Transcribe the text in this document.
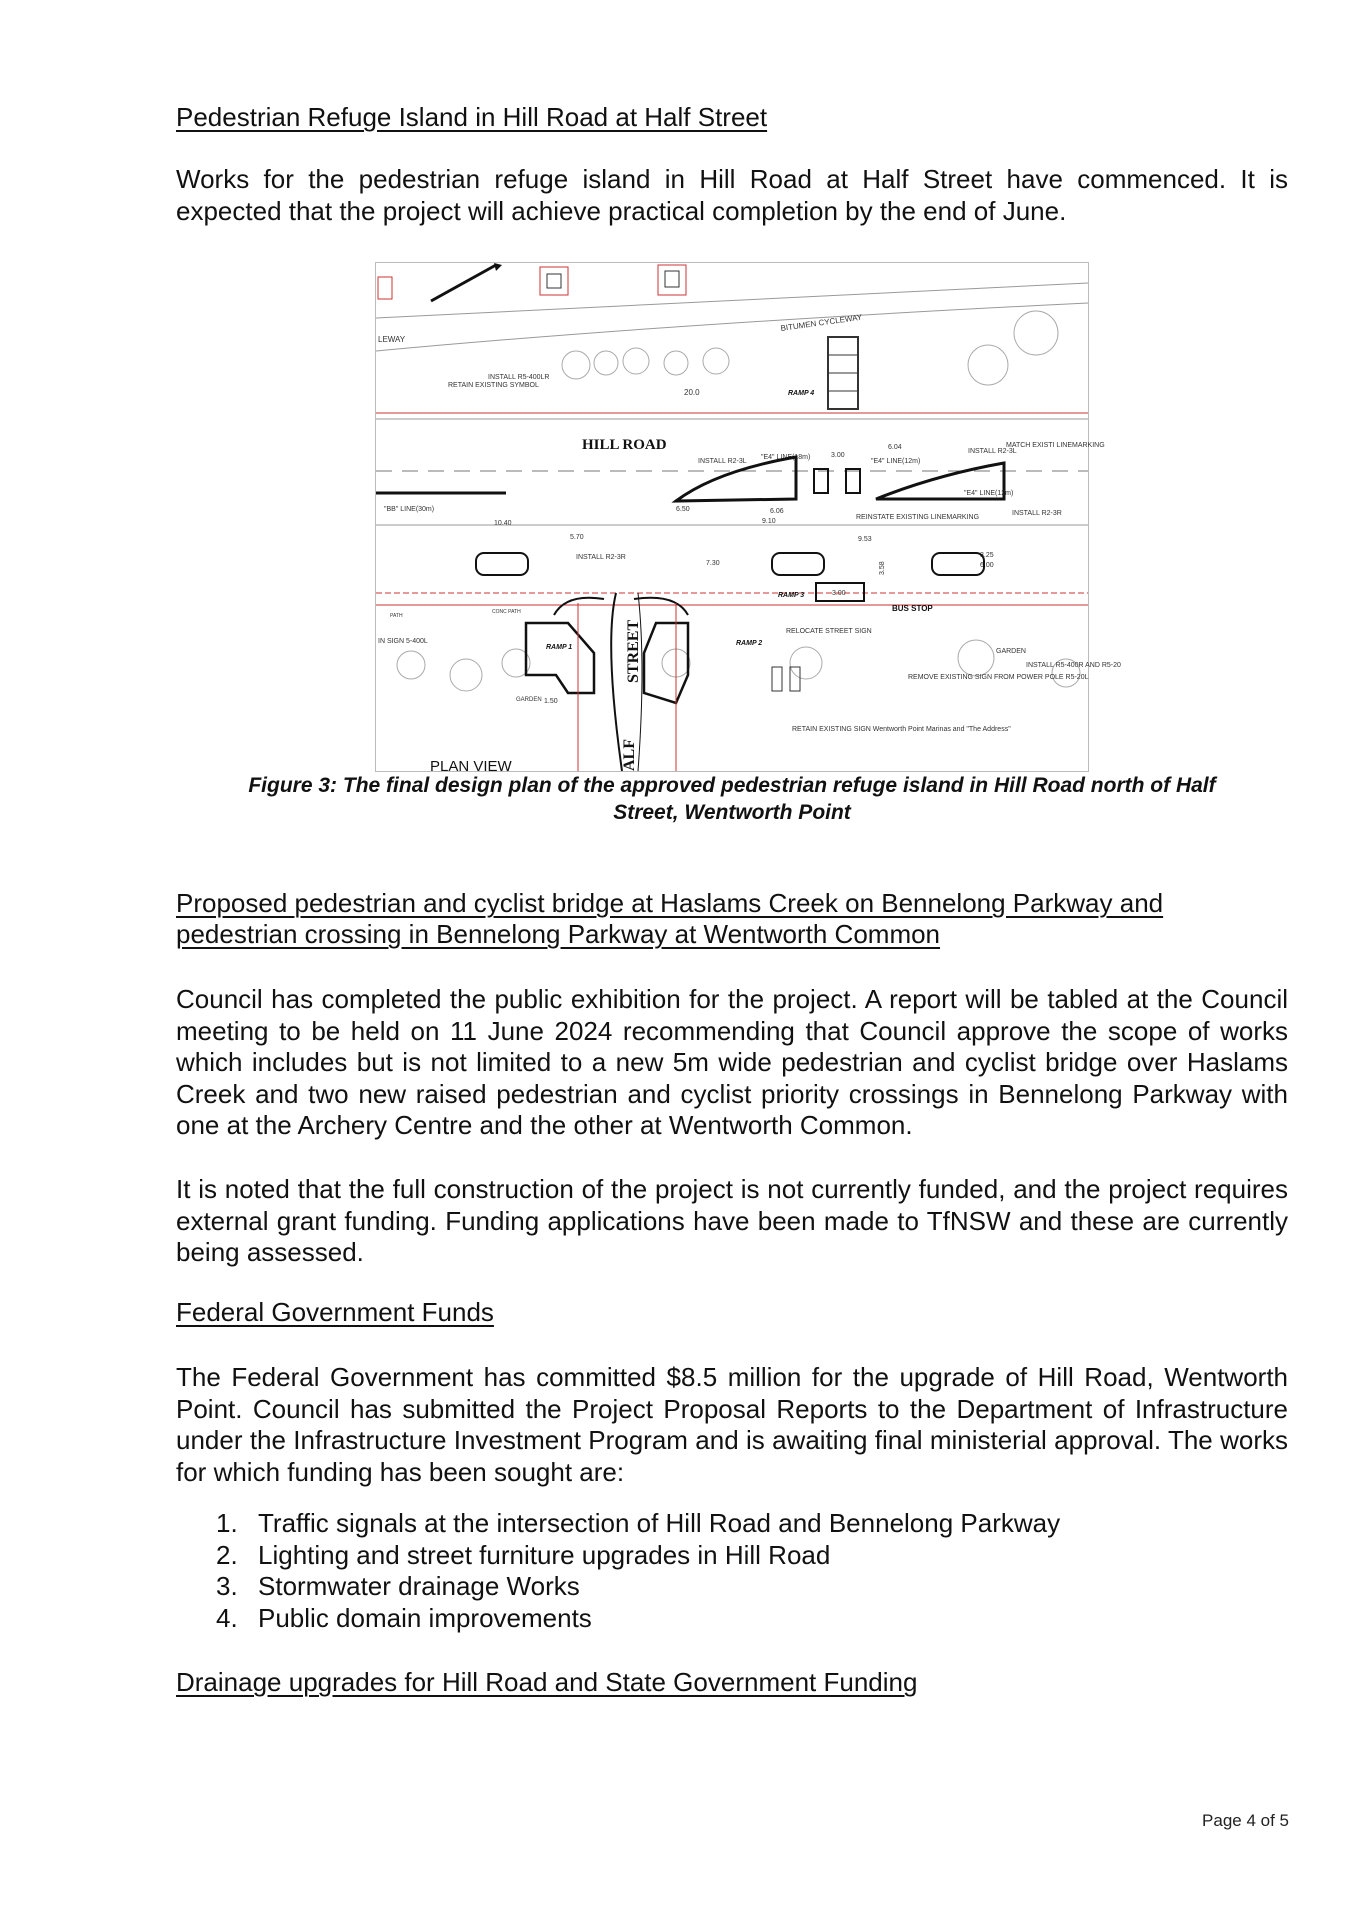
Pedestrian Refuge Island in Hill Road at Half Street

Works for the pedestrian refuge island in Hill Road at Half Street have commenced. It is expected that the project will achieve practical completion by the end of June.

LEWAY
BITUMEN CYCLEWAY
RAMP 4
RETAIN EXISTING SYMBOL
INSTALL R5-400LR
20.0
HILL ROAD
INSTALL R2-3L
"E4" LINE(18m)	3.00
6.04
"E4" LINE(12m)
INSTALL R2-3L
MATCH EXISTI LINEMARKING
"E4" LINE(12m)
"BB" LINE(30m)	6.50	6.06
9.10
REINSTATE EXISTING LINEMARKING
INSTALL R2-3R
10.40
5.70	9.53
3.25
6.00
INSTALL R2-3R
7.30	3.58
RAMP 3	3.00
BUS STOP
RAMP 1
RAMP 2
STREET
ALF
RELOCATE STREET SIGN
GARDEN
REMOVE EXISTING SIGN FROM POWER POLE R5-20L
INSTALL R5-400R AND R5-20
IN SIGN 5-400L
CONC PATH
PATH
GARDEN 1.50
RETAIN EXISTING SIGN Wentworth Point Marinas and "The Address"
PLAN VIEW

Figure 3: The final design plan of the approved pedestrian refuge island in Hill Road north of Half

Street, Wentworth Point

Proposed pedestrian and cyclist bridge at Haslams Creek on Bennelong Parkway and
pedestrian crossing in Bennelong Parkway at Wentworth Common

Council has completed the public exhibition for the project. A report will be tabled at the Council meeting to be held on 11 June 2024 recommending that Council approve the scope of works which includes but is not limited to a new 5m wide pedestrian and cyclist bridge over Haslams Creek and two new raised pedestrian and cyclist priority crossings in Bennelong Parkway with one at the Archery Centre and the other at Wentworth Common.

It is noted that the full construction of the project is not currently funded, and the project requires external grant funding. Funding applications have been made to TfNSW and these are currently being assessed.

Federal Government Funds

The Federal Government has committed $8.5 million for the upgrade of Hill Road, Wentworth Point. Council has submitted the Project Proposal Reports to the Department of Infrastructure under the Infrastructure Investment Program and is awaiting final ministerial approval. The works for which funding has been sought are:

1. Traffic signals at the intersection of Hill Road and Bennelong Parkway
2. Lighting and street furniture upgrades in Hill Road
3. Stormwater drainage Works
4. Public domain improvements
Drainage upgrades for Hill Road and State Government Funding
Page 4 of 5
